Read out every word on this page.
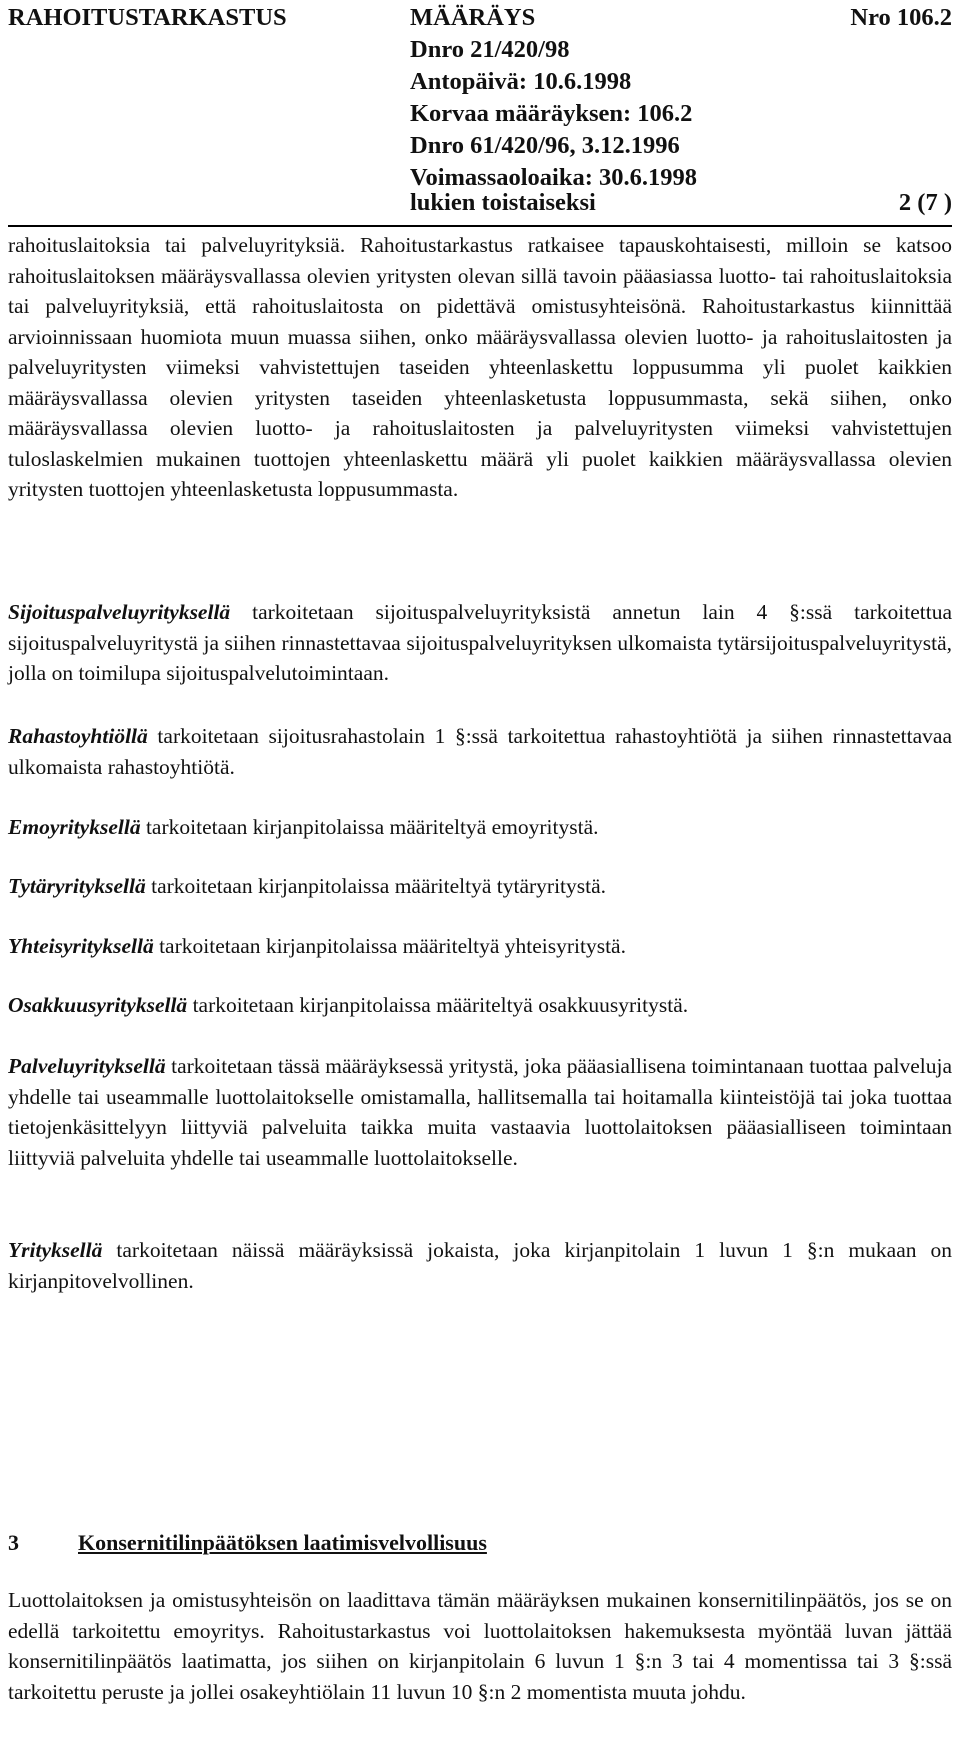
RAHOITUSTARKASTUS	MÄÄRÄYS	Nro 106.2
Dnro 21/420/98
Antopäivä: 10.6.1998
Korvaa määräyksen: 106.2
Dnro 61/420/96, 3.12.1996
Voimassaoloaika: 30.6.1998
lukien toistaiseksi	2 (7 )

rahoituslaitoksia tai palveluyrityksiä. Rahoitustarkastus ratkaisee tapauskohtaisesti, milloin se katsoo rahoituslaitoksen määräysvallassa olevien yritysten olevan sillä tavoin pääasiassa luotto- tai rahoituslaitoksia tai palveluyrityksiä, että rahoituslaitosta on pidettävä omistusyhteisönä. Rahoitustarkastus kiinnittää arvioinnissaan huomiota muun muassa siihen, onko määräysvallassa olevien luotto- ja rahoituslaitosten ja palveluyritysten viimeksi vahvistettujen taseiden yhteenlaskettu loppusumma yli puolet kaikkien määräysvallassa olevien yritysten taseiden yhteenlasketusta loppusummasta, sekä siihen, onko määräysvallassa olevien luotto- ja rahoituslaitosten ja palveluyritysten viimeksi vahvistettujen tuloslaskelmien mukainen tuottojen yhteenlaskettu määrä yli puolet kaikkien määräysvallassa olevien yritysten tuottojen yhteenlasketusta loppusummasta.

Sijoituspalveluyrityksellä tarkoitetaan sijoituspalveluyrityksistä annetun lain 4 §:ssä tarkoitettua sijoituspalveluyritystä ja siihen rinnastettavaa sijoituspalveluyrityksen ulkomaista tytärsijoituspalveluyritystä, jolla on toimilupa sijoituspalvelutoimintaan.

Rahastoyhtiöllä tarkoitetaan sijoitusrahastolain 1 §:ssä tarkoitettua rahastoyhtiötä ja siihen rinnastettavaa ulkomaista rahastoyhtiötä.

Emoyrityksellä tarkoitetaan kirjanpitolaissa määriteltyä emoyritystä.

Tytäryrityksellä tarkoitetaan kirjanpitolaissa määriteltyä tytäryritystä.

Yhteisyrityksellä tarkoitetaan kirjanpitolaissa määriteltyä yhteisyritystä.

Osakkuusyrityksellä tarkoitetaan kirjanpitolaissa määriteltyä osakkuusyritystä.

Palveluyrityksellä tarkoitetaan tässä määräyksessä yritystä, joka pääasiallisena toimintanaan tuottaa palveluja yhdelle tai useammalle luottolaitokselle omistamalla, hallitsemalla tai hoitamalla kiinteistöjä tai joka tuottaa tietojenkäsittelyyn liittyviä palveluita taikka muita vastaavia luottolaitoksen pääasialliseen toimintaan liittyviä palveluita yhdelle tai useammalle luottolaitokselle.

Yrityksellä tarkoitetaan näissä määräyksissä jokaista, joka kirjanpitolain 1 luvun 1 §:n mukaan on kirjanpitovelvollinen.

3	Konsernitilinpäätöksen laatimisvelvollisuus

Luottolaitoksen ja omistusyhteisön on laadittava tämän määräyksen mukainen konsernitilinpäätös, jos se on edellä tarkoitettu emoyritys. Rahoitustarkastus voi luottolaitoksen hakemuksesta myöntää luvan jättää konsernitilinpäätös laatimatta, jos siihen on kirjanpitolain 6 luvun 1 §:n 3 tai 4 momentissa tai 3 §:ssä tarkoitettu peruste ja jollei osakeyhtiölain 11 luvun 10 §:n 2 momentista muuta johdu.
